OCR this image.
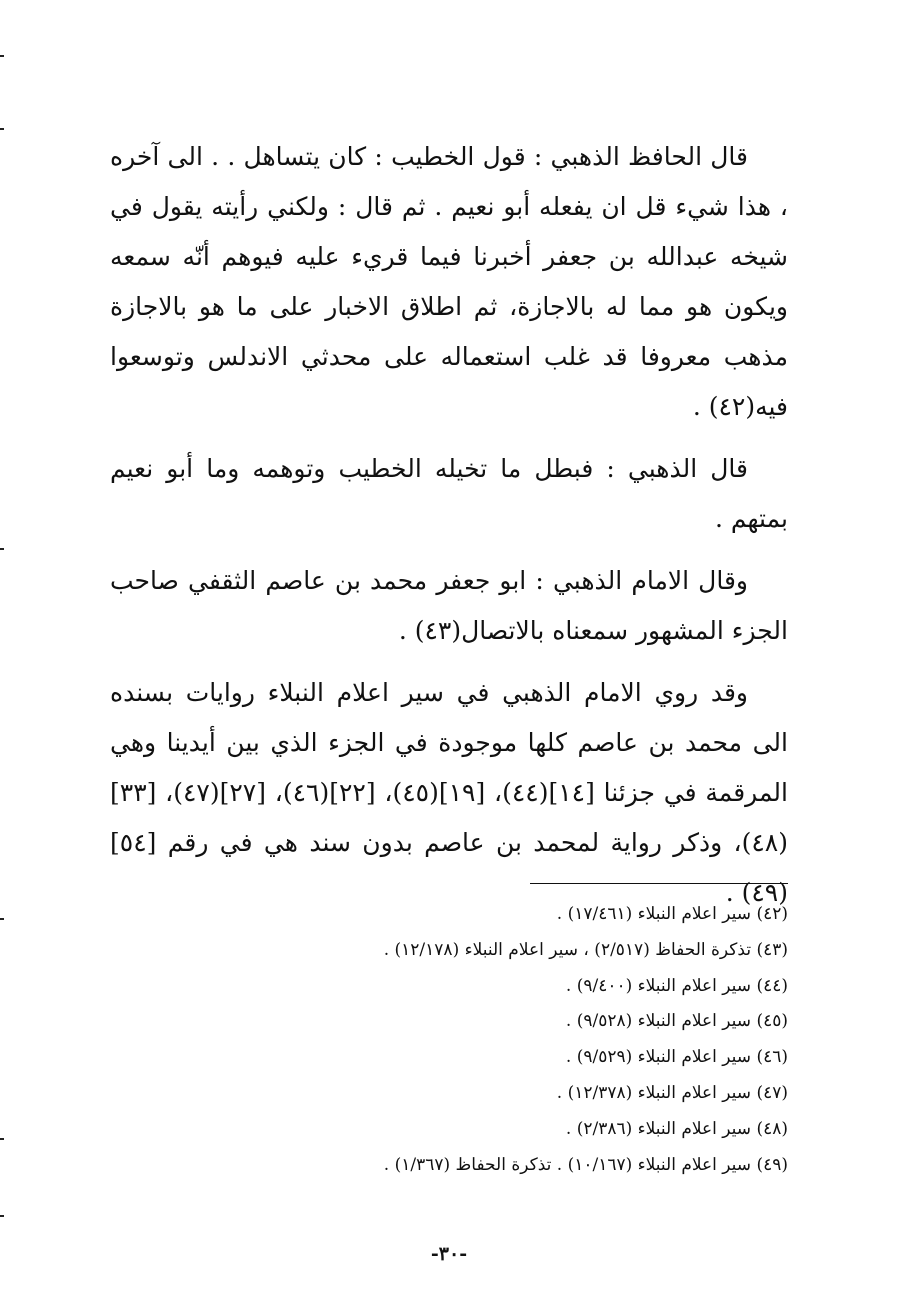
قال الحافظ الذهبي : قول الخطيب : كان يتساهل . . الى آخره ، هذا شيء قل ان يفعله أبو نعيم . ثم قال : ولكني رأيته يقول في شيخه عبدالله بن جعفر أخبرنا فيما قريء عليه فيوهم أنّه سمعه ويكون هو مما له بالاجازة، ثم اطلاق الاخبار على ما هو بالاجازة مذهب معروفا قد غلب استعماله على محدثي الاندلس وتوسعوا فيه(٤٢) .

قال الذهبي : فبطل ما تخيله الخطيب وتوهمه وما أبو نعيم بمتهم .

وقال الامام الذهبي : ابو جعفر محمد بن عاصم الثقفي صاحب الجزء المشهور سمعناه بالاتصال(٤٣) .

وقد روي الامام الذهبي في سير اعلام النبلاء روايات بسنده الى محمد بن عاصم كلها موجودة في الجزء الذي بين أيدينا وهي المرقمة في جزئنا [١٤](٤٤)، [١٩](٤٥)، [٢٢](٤٦)، [٢٧](٤٧)، [٣٣](٤٨)، وذكر رواية لمحمد بن عاصم بدون سند هي في رقم [٥٤](٤٩) .

(٤٢) سير اعلام النبلاء (١٧/٤٦١) .
(٤٣) تذكرة الحفاظ (٢/٥١٧) ، سير اعلام النبلاء (١٢/١٧٨) .
(٤٤) سير اعلام النبلاء (٩/٤٠٠) .
(٤٥) سير اعلام النبلاء (٩/٥٢٨) .
(٤٦) سير اعلام النبلاء (٩/٥٢٩) .
(٤٧) سير اعلام النبلاء (١٢/٣٧٨) .
(٤٨) سير اعلام النبلاء (٢/٣٨٦) .
(٤٩) سير اعلام النبلاء (١٠/١٦٧) . تذكرة الحفاظ (١/٣٦٧) .
-٣٠-
